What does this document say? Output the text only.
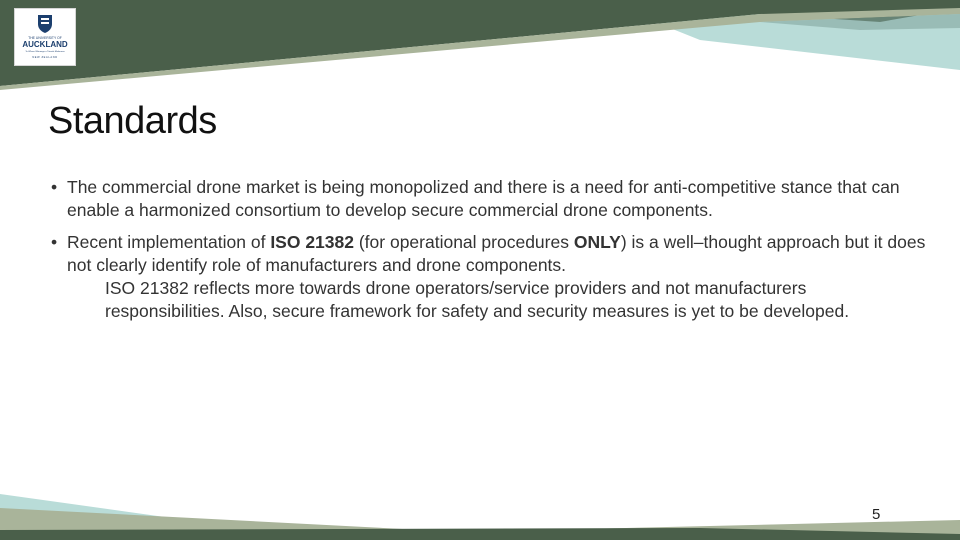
THE UNIVERSITY OF
AUCKLAND
Te Whare Wānanga o Tāmaki Makaurau
NEW ZEALAND
Standards
• The commercial drone market is being monopolized and there is a need for anti-competitive stance that can enable a harmonized consortium to develop secure commercial drone components.
• Recent implementation of ISO 21382 (for operational procedures ONLY) is a well–thought approach but it does not clearly identify role of manufacturers and drone components.
ISO 21382 reflects more towards drone operators/service providers and not manufacturers responsibilities. Also, secure framework for safety and security measures is yet to be developed.
5
